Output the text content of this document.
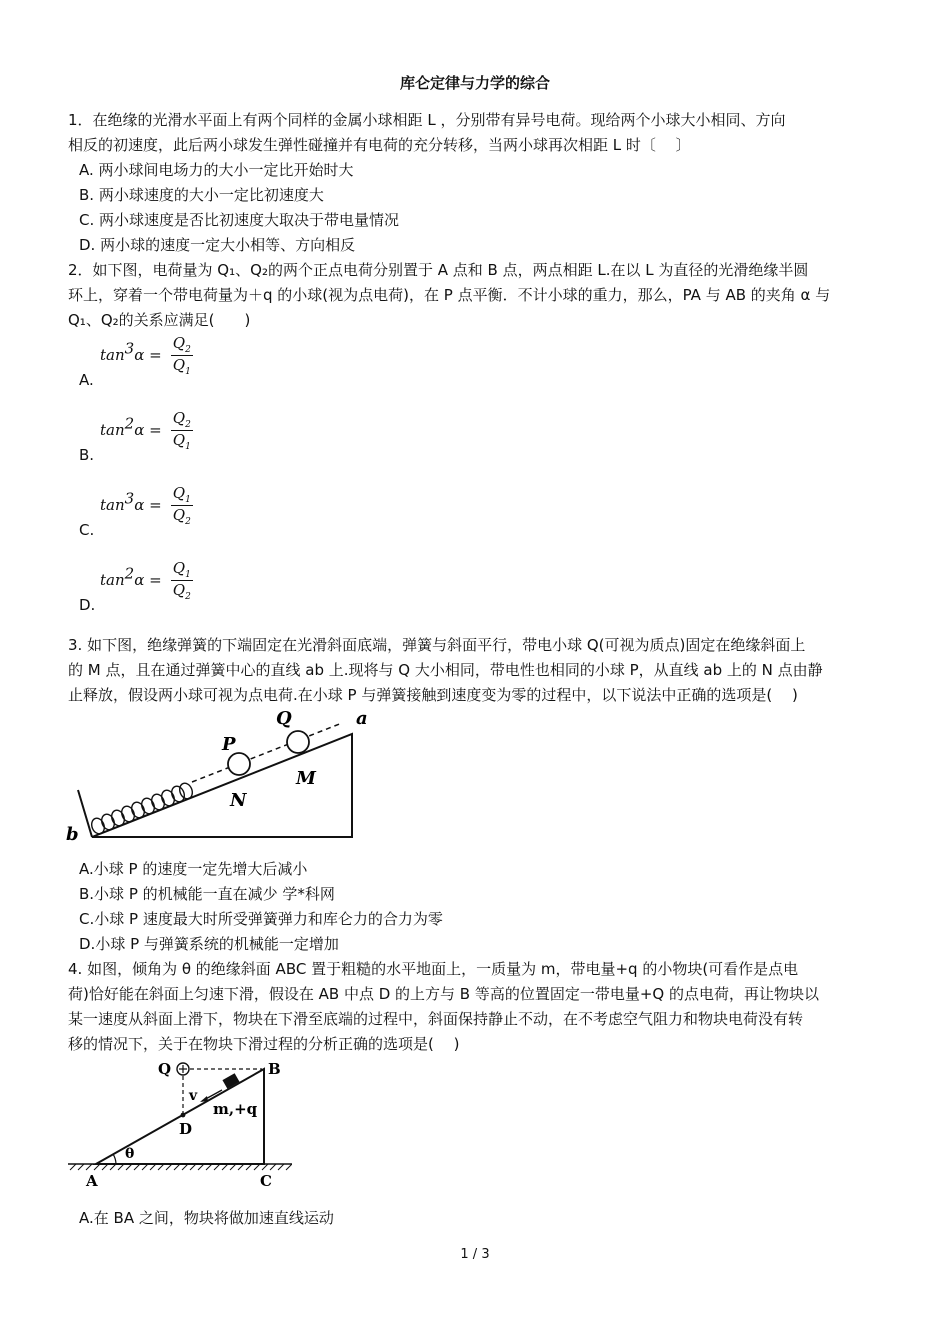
库仑定律与力学的综合
1．在绝缘的光滑水平面上有两个同样的金属小球相距 L ，分别带有异号电荷。现给两个小球大小相同、方向
相反的初速度，此后两小球发生弹性碰撞并有电荷的充分转移，当两小球再次相距 L 时〔　 〕
A. 两小球间电场力的大小一定比开始时大
B. 两小球速度的大小一定比初速度大
C. 两小球速度是否比初速度大取决于带电量情况
D. 两小球的速度一定大小相等、方向相反
2．如下图，电荷量为 Q₁、Q₂的两个正点电荷分别置于 A 点和 B 点，两点相距 L.在以 L 为直径的光滑绝缘半圆
环上，穿着一个带电荷量为＋q 的小球(视为点电荷)，在 P 点平衡．不计小球的重力，那么，PA 与 AB 的夹角 α 与
Q₁、Q₂的关系应满足(　　)
$\tan^3\alpha = \frac{Q_2}{Q_1}$
A.
$\tan^2\alpha = \frac{Q_2}{Q_1}$
B.
$\tan^3\alpha = \frac{Q_1}{Q_2}$
C.
$\tan^2\alpha = \frac{Q_1}{Q_2}$
D.
3. 如下图，绝缘弹簧的下端固定在光滑斜面底端，弹簧与斜面平行，带电小球 Q(可视为质点)固定在绝缘斜面上
的 M 点，且在通过弹簧中心的直线 ab 上.现将与 Q 大小相同，带电性也相同的小球 P，从直线 ab 上的 N 点由静
止释放，假设两小球可视为点电荷.在小球 P 与弹簧接触到速度变为零的过程中，以下说法中正确的选项是(　 )
Q	a
P
M
N
b
A.小球 P 的速度一定先增大后减小
B.小球 P 的机械能一直在减少 学*科网
C.小球 P 速度最大时所受弹簧弹力和库仑力的合力为零
D.小球 P 与弹簧系统的机械能一定增加
4. 如图，倾角为 θ 的绝缘斜面 ABC 置于粗糙的水平地面上，一质量为 m，带电量+q 的小物块(可看作是点电
荷)恰好能在斜面上匀速下滑，假设在 AB 中点 D 的上方与 B 等高的位置固定一带电量+Q 的点电荷，再让物块以
某一速度从斜面上滑下，物块在下滑至底端的过程中，斜面保持静止不动，在不考虑空气阻力和物块电荷没有转
移的情况下，关于在物块下滑过程的分析正确的选项是(　 )
Q	B
v
m,+q
D
θ
A	C
A.在 BA 之间，物块将做加速直线运动
1 / 3
